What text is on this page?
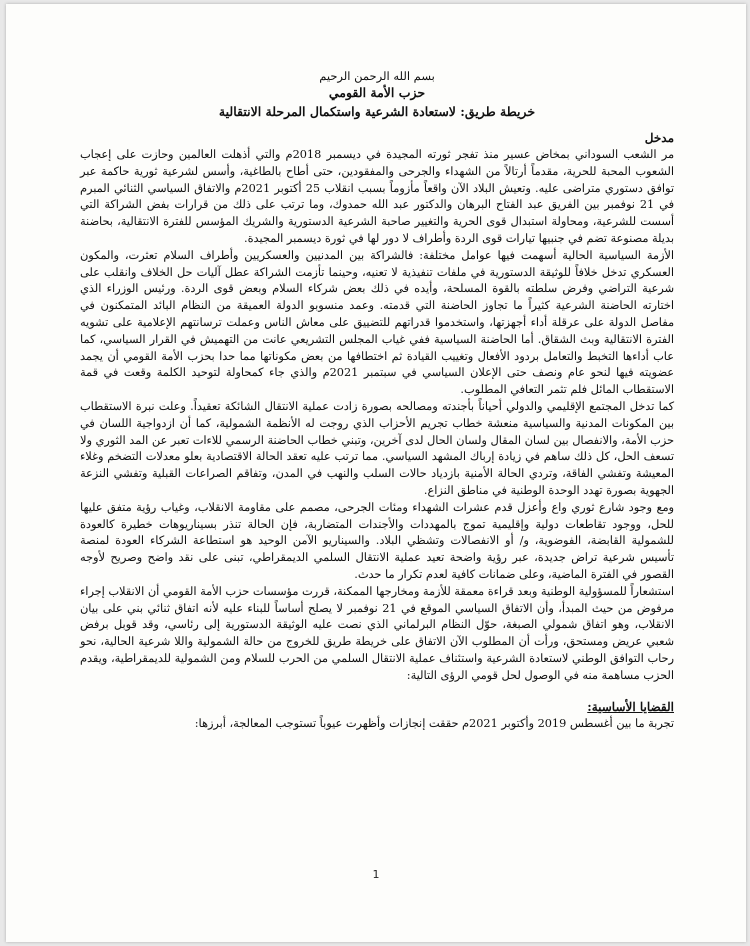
بسم الله الرحمن الرحيم

حزب الأمة القومي

خريطة طريق: لاستعادة الشرعية واستكمال المرحلة الانتقالية

مدخل

مر الشعب السوداني بمخاض عسير منذ تفجر ثورته المجيدة في ديسمبر 2018م والتي أذهلت العالمين وحازت على إعجاب الشعوب المحبة للحرية، مقدماً أرتالاً من الشهداء والجرحى والمفقودين، حتى أطاح بالطاغية، وأسس لشرعية ثورية حاكمة عبر توافق دستوري متراضى عليه. وتعيش البلاد الآن واقعاً مأزوماً بسبب انقلاب 25 أكتوبر 2021م والاتفاق السياسي الثنائي المبرم في 21 نوفمبر بين الفريق عبد الفتاح البرهان والدكتور عبد الله حمدوك، وما ترتب على ذلك من قرارات بفض الشراكة التي أسست للشرعية، ومحاولة استبدال قوى الحرية والتغيير صاحبة الشرعية الدستورية والشريك المؤسس للفترة الانتقالية، بحاضنة بديلة مصنوعة تضم في جنبيها تيارات قوى الردة وأطراف لا دور لها في ثورة ديسمبر المجيدة.

الأزمة السياسية الحالية أسهمت فيها عوامل مختلفة: فالشراكة بين المدنيين والعسكريين وأطراف السلام تعثرت، والمكون العسكري تدخل خلافاً للوثيقة الدستورية في ملفات تنفيذية لا تعنيه، وحينما تأزمت الشراكة عطل آليات حل الخلاف وانقلب على شرعية التراضي وفرض سلطته بالقوة المسلحة، وأيده في ذلك بعض شركاء السلام وبعض قوى الردة. ورئيس الوزراء الذي اختارته الحاضنة الشرعية كثيراً ما تجاوز الحاضنة التي قدمته. وعمد منسوبو الدولة العميقة من النظام البائد المتمكنون في مفاصل الدولة على عرقلة أداء أجهزتها، واستخدموا قدراتهم للتضييق على معاش الناس وعملت ترسانتهم الإعلامية على تشويه الفترة الانتقالية وبث الشقاق. أما الحاضنة السياسية ففي غياب المجلس التشريعي عانت من التهميش في القرار السياسي، كما عاب أداءها التخبط والتعامل بردود الأفعال وتغييب القيادة ثم اختطافها من بعض مكوناتها مما حدا بحزب الأمة القومي أن يجمد عضويته فيها لنحو عام ونصف حتى الإعلان السياسي في سبتمبر 2021م والذي جاء كمحاولة لتوحيد الكلمة وقعت في قمة الاستقطاب المائل فلم تثمر التعافي المطلوب.

كما تدخل المجتمع الإقليمي والدولي أحياناً بأجندته ومصالحه بصورة زادت عملية الانتقال الشائكة تعقيداً. وعلت نبرة الاستقطاب بين المكونات المدنية والسياسية منعشة خطاب تجريم الأحزاب الذي روجت له الأنظمة الشمولية، كما أن ازدواجية اللسان في حزب الأمة، والانفصال بين لسان المقال ولسان الحال لدى آخرين، وتبني خطاب الحاضنة الرسمي للاءات تعبر عن المد الثوري ولا تسعف الحل، كل ذلك ساهم في زيادة إرباك المشهد السياسي. مما ترتب عليه تعقد الحالة الاقتصادية بعلو معدلات التضخم وغلاء المعيشة وتفشي الفاقة، وتردي الحالة الأمنية بازدياد حالات السلب والنهب في المدن، وتفاقم الصراعات القبلية وتفشي النزعة الجهوية بصورة تهدد الوحدة الوطنية في مناطق النزاع.

ومع وجود شارع ثوري واع وأعزل قدم عشرات الشهداء ومئات الجرحى، مصمم على مقاومة الانقلاب، وغياب رؤية متفق عليها للحل، ووجود تقاطعات دولية وإقليمية تموج بالمهددات والأجندات المتضاربة، فإن الحالة تنذر بسيناريوهات خطيرة كالعودة للشمولية القابضة، الفوضوية، و/ أو الانفصالات وتشظي البلاد. والسيناريو الآمن الوحيد هو استطاعة الشركاء العودة لمنصة تأسيس شرعية تراض جديدة، عبر رؤية واضحة تعيد عملية الانتقال السلمي الديمقراطي، تبنى على نقد واضح وصريح لأوجه القصور في الفترة الماضية، وعلى ضمانات كافية لعدم تكرار ما حدث.

استشعاراً للمسؤولية الوطنية وبعد قراءة معمقة للأزمة ومخارجها الممكنة، قررت مؤسسات حزب الأمة القومي أن الانقلاب إجراء مرفوض من حيث المبدأ، وأن الاتفاق السياسي الموقع في 21 نوفمبر لا يصلح أساساً للبناء عليه لأنه اتفاق ثنائي بني على بيان الانقلاب، وهو اتفاق شمولي الصبغة، حوّل النظام البرلماني الذي نصت عليه الوثيقة الدستورية إلى رئاسي، وقد قوبل برفض شعبي عريض ومستحق، ورأت أن المطلوب الآن الاتفاق على خريطة طريق للخروج من حالة الشمولية واللا شرعية الحالية، نحو رحاب التوافق الوطني لاستعادة الشرعية واستئناف عملية الانتقال السلمي من الحرب للسلام ومن الشمولية للديمقراطية، ويقدم الحزب مساهمة منه في الوصول لحل قومي الرؤى التالية:

القضايا الأساسية:

تجربة ما بين أغسطس 2019 وأكتوبر 2021م حققت إنجازات وأظهرت عيوباً تستوجب المعالجة، أبرزها:

1
